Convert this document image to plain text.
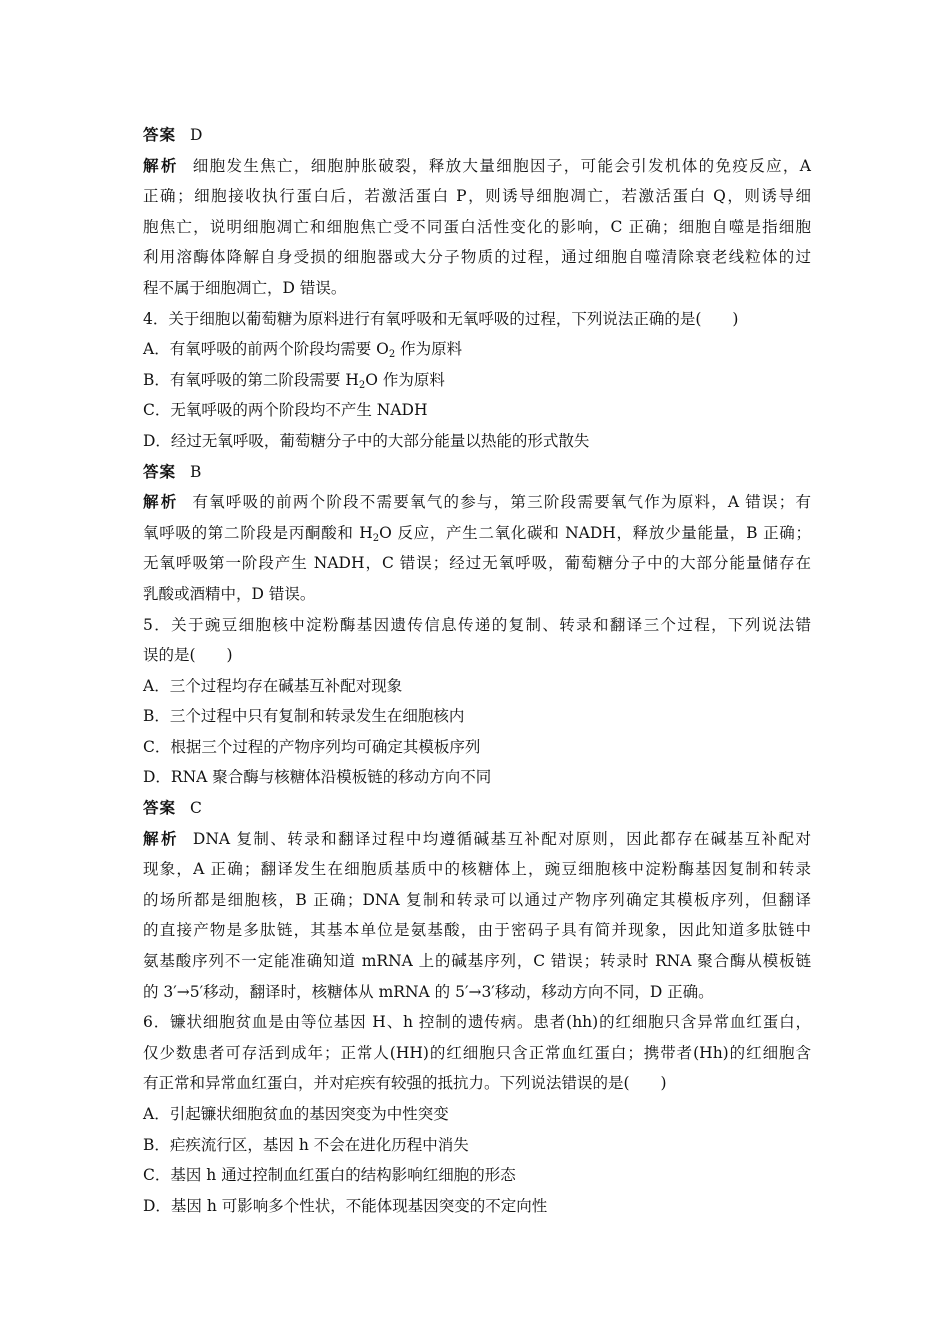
答案 D
解析 细胞发生焦亡，细胞肿胀破裂，释放大量细胞因子，可能会引发机体的免疫反应，A
正确；细胞接收执行蛋白后，若激活蛋白 P，则诱导细胞凋亡，若激活蛋白 Q，则诱导细
胞焦亡，说明细胞凋亡和细胞焦亡受不同蛋白活性变化的影响，C 正确；细胞自噬是指细胞
利用溶酶体降解自身受损的细胞器或大分子物质的过程，通过细胞自噬清除衰老线粒体的过
程不属于细胞凋亡，D 错误。
4．关于细胞以葡萄糖为原料进行有氧呼吸和无氧呼吸的过程，下列说法正确的是(　　)
A．有氧呼吸的前两个阶段均需要 $O_2$ 作为原料
B．有氧呼吸的第二阶段需要 $H_2O$ 作为原料
C．无氧呼吸的两个阶段均不产生 NADH
D．经过无氧呼吸，葡萄糖分子中的大部分能量以热能的形式散失
答案 B
解析 有氧呼吸的前两个阶段不需要氧气的参与，第三阶段需要氧气作为原料，A 错误；有
氧呼吸的第二阶段是丙酮酸和 $H_2O$ 反应，产生二氧化碳和 NADH，释放少量能量，B 正确；
无氧呼吸第一阶段产生 NADH，C 错误；经过无氧呼吸，葡萄糖分子中的大部分能量储存在
乳酸或酒精中，D 错误。
5．关于豌豆细胞核中淀粉酶基因遗传信息传递的复制、转录和翻译三个过程，下列说法错
误的是(　　)
A．三个过程均存在碱基互补配对现象
B．三个过程中只有复制和转录发生在细胞核内
C．根据三个过程的产物序列均可确定其模板序列
D．RNA 聚合酶与核糖体沿模板链的移动方向不同
答案 C
解析 DNA 复制、转录和翻译过程中均遵循碱基互补配对原则，因此都存在碱基互补配对
现象，A 正确；翻译发生在细胞质基质中的核糖体上，豌豆细胞核中淀粉酶基因复制和转录
的场所都是细胞核，B 正确；DNA 复制和转录可以通过产物序列确定其模板序列，但翻译
的直接产物是多肽链，其基本单位是氨基酸，由于密码子具有简并现象，因此知道多肽链中
氨基酸序列不一定能准确知道 mRNA 上的碱基序列，C 错误；转录时 RNA 聚合酶从模板链
的 3′→5′移动，翻译时，核糖体从 mRNA 的 5′→3′移动，移动方向不同，D 正确。
6．镰状细胞贫血是由等位基因 H、h 控制的遗传病。患者(hh)的红细胞只含异常血红蛋白，
仅少数患者可存活到成年；正常人(HH)的红细胞只含正常血红蛋白；携带者(Hh)的红细胞含
有正常和异常血红蛋白，并对疟疾有较强的抵抗力。下列说法错误的是(　　)
A．引起镰状细胞贫血的基因突变为中性突变
B．疟疾流行区，基因 h 不会在进化历程中消失
C．基因 h 通过控制血红蛋白的结构影响红细胞的形态
D．基因 h 可影响多个性状，不能体现基因突变的不定向性
